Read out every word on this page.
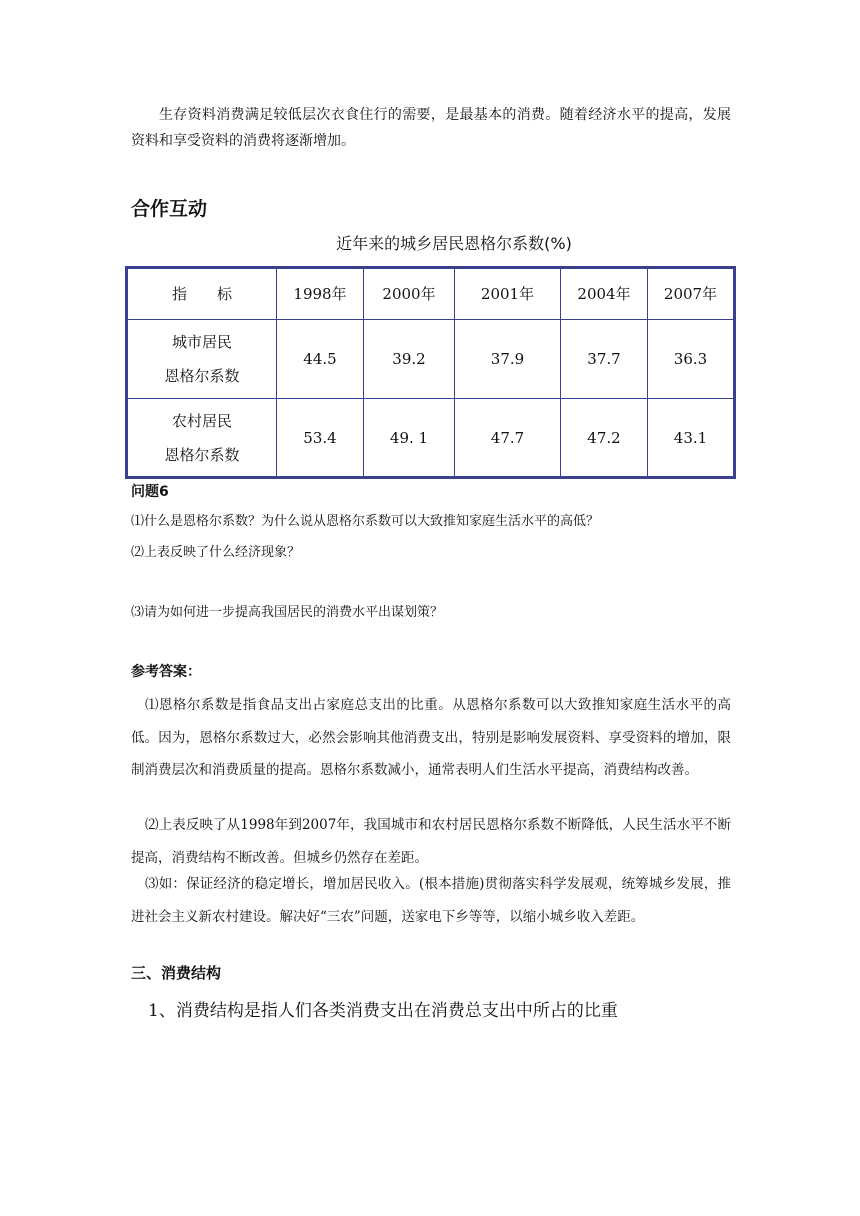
生存资料消费满足较低层次衣食住行的需要，是最基本的消费。随着经济水平的提高，发展资料和享受资料的消费将逐渐增加。

合作互动

近年来的城乡居民恩格尔系数(%)
指　　标	1998年	2000年	2001年	2004年	2007年

城市居民
恩格尔系数	44.5	39.2	37.9	37.7	36.3

农村居民
恩格尔系数	53.4	49. 1	47.7	47.2	43.1

问题6

⑴什么是恩格尔系数？为什么说从恩格尔系数可以大致推知家庭生活水平的高低？

⑵上表反映了什么经济现象？

⑶请为如何进一步提高我国居民的消费水平出谋划策？

参考答案：

⑴恩格尔系数是指食品支出占家庭总支出的比重。从恩格尔系数可以大致推知家庭生活水平的高低。因为，恩格尔系数过大，必然会影响其他消费支出，特别是影响发展资料、享受资料的增加，限制消费层次和消费质量的提高。恩格尔系数减小，通常表明人们生活水平提高，消费结构改善。

⑵上表反映了从1998年到2007年，我国城市和农村居民恩格尔系数不断降低，人民生活水平不断提高，消费结构不断改善。但城乡仍然存在差距。

⑶如：保证经济的稳定增长，增加居民收入。(根本措施)贯彻落实科学发展观，统筹城乡发展，推进社会主义新农村建设。解决好“三农”问题，送家电下乡等等，以缩小城乡收入差距。

三、消费结构

1、消费结构是指人们各类消费支出在消费总支出中所占的比重
